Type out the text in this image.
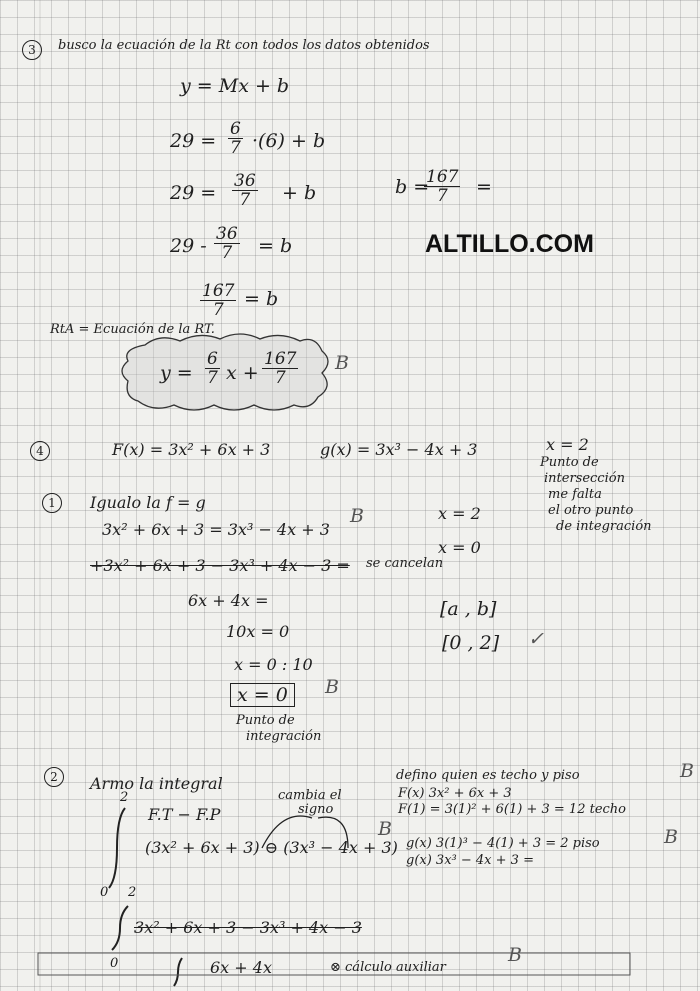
3	busco la ecuación de la Rt con todos los datos obtenidos
y = Mx + b
$29 = \frac{6}{7} \cdot(6) + b$
$29 = \frac{36}{7} + b$	b =
$\frac{167}{7}$ =
ALTILLO.COM
$29 - \frac{36}{7} = b$
$\frac{167}{7} = b$
RtA = Ecuación de la RT.
$y = \frac{6}{7}$ $x + \frac{167}{7}$ B
4	F(x) = 3x² + 6x + 3	g(x) = 3x³ − 4x + 3	x = 2
Punto de
intersección
me falta
el otro punto
de integración
1	Igualo la f = g
3x² + 6x + 3 = 3x³ − 4x + 3
+3x² + 6x + 3 − 3x³ + 4x − 3 = se cancelan
6x + 4x =
10x = 0
x = 0 : 10
x = 0
Punto de
integración
x = 2
x = 0
[a , b]
[0 , 2]
B
B
✓
2	Armo la integral
2
F.T − F.P
cambia el
signo
(3x² + 6x + 3) ⊖ (3x³ − 4x + 3)
0 2
3x² + 6x + 3 − 3x³ + 4x − 3
0	6x + 4x	⊗ cálculo auxiliar
defino quien es techo y piso
F(x) 3x² + 6x + 3
F(1) = 3(1)² + 6(1) + 3 = 12 techo
g(x) 3(1)³ − 4(1) + 3 = 2 piso
g(x) 3x³ − 4x + 3 =
B
B	B
B
